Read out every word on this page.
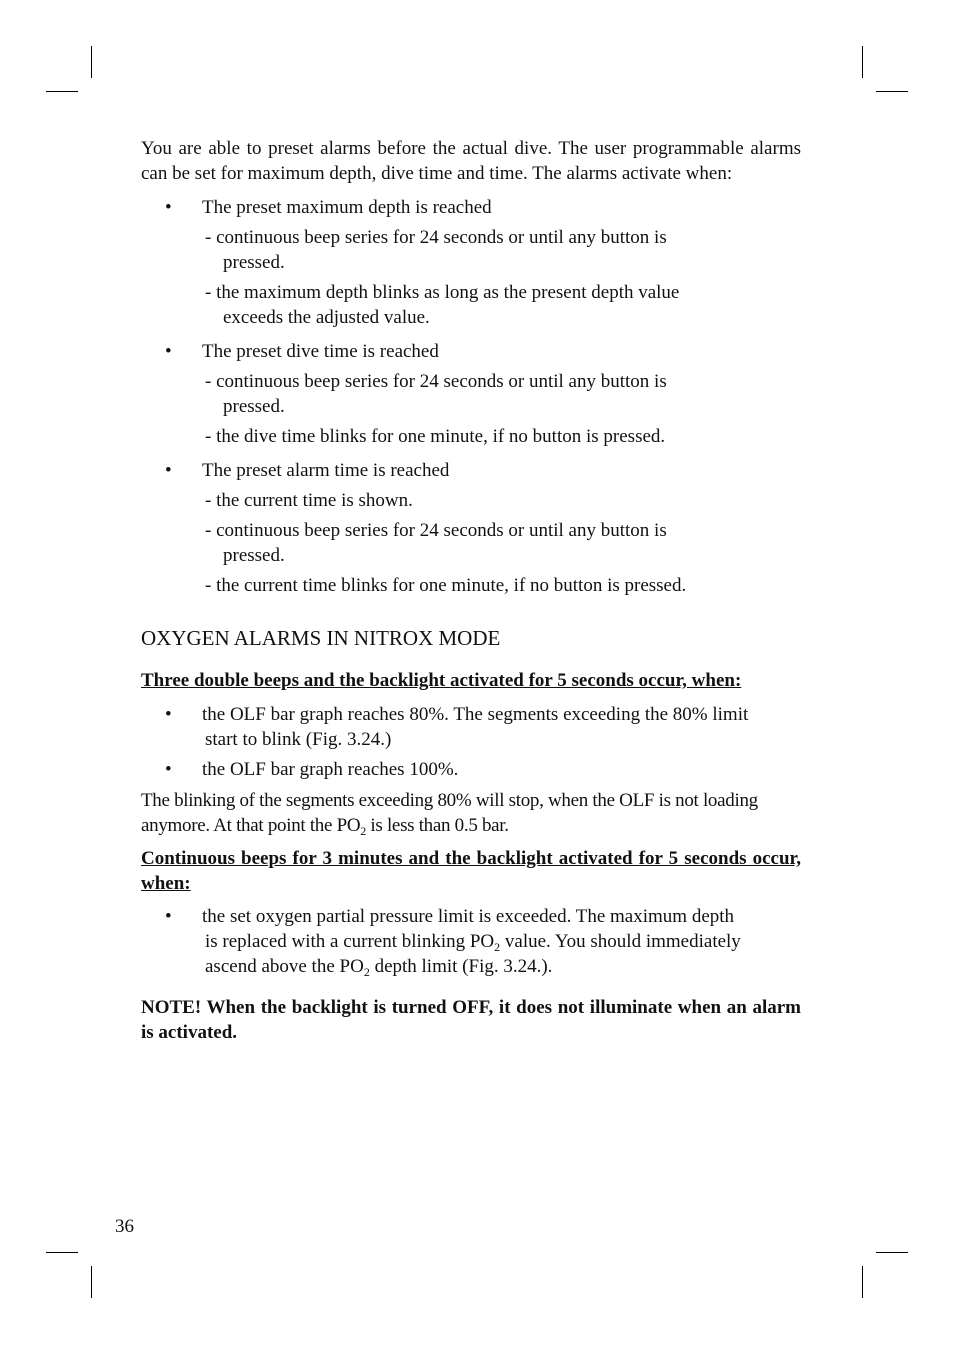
You are able to preset alarms before the actual dive. The user programmable alarms can be set for maximum depth, dive time and time. The alarms activate when:

• The preset maximum depth is reached
- continuous beep series for 24 seconds or until any button is
pressed.
- the maximum depth blinks as long as the present depth value
exceeds the adjusted value.
• The preset dive time is reached
- continuous beep series for 24 seconds or until any button is
pressed.
- the dive time blinks for one minute, if no button is pressed.
• The preset alarm time is reached
- the current time is shown.
- continuous beep series for 24 seconds or until any button is
pressed.
- the current time blinks for one minute, if no button is pressed.
OXYGEN ALARMS IN NITROX MODE

Three double beeps and the backlight activated for 5 seconds occur, when:

• the OLF bar graph reaches 80%. The segments exceeding the 80% limit
start to blink (Fig. 3.24.)
• the OLF bar graph reaches 100%.

The blinking of the segments exceeding 80% will stop, when the OLF is not loading anymore. At that point the $PO_2$ is less than 0.5 bar.

Continuous beeps for 3 minutes and the backlight activated for 5 seconds occur, when:

• the set oxygen partial pressure limit is exceeded. The maximum depth
is replaced with a current blinking $PO_2$ value. You should immediately
ascend above the $PO_2$ depth limit (Fig. 3.24.).

NOTE! When the backlight is turned OFF, it does not illuminate when an alarm is activated.

36
